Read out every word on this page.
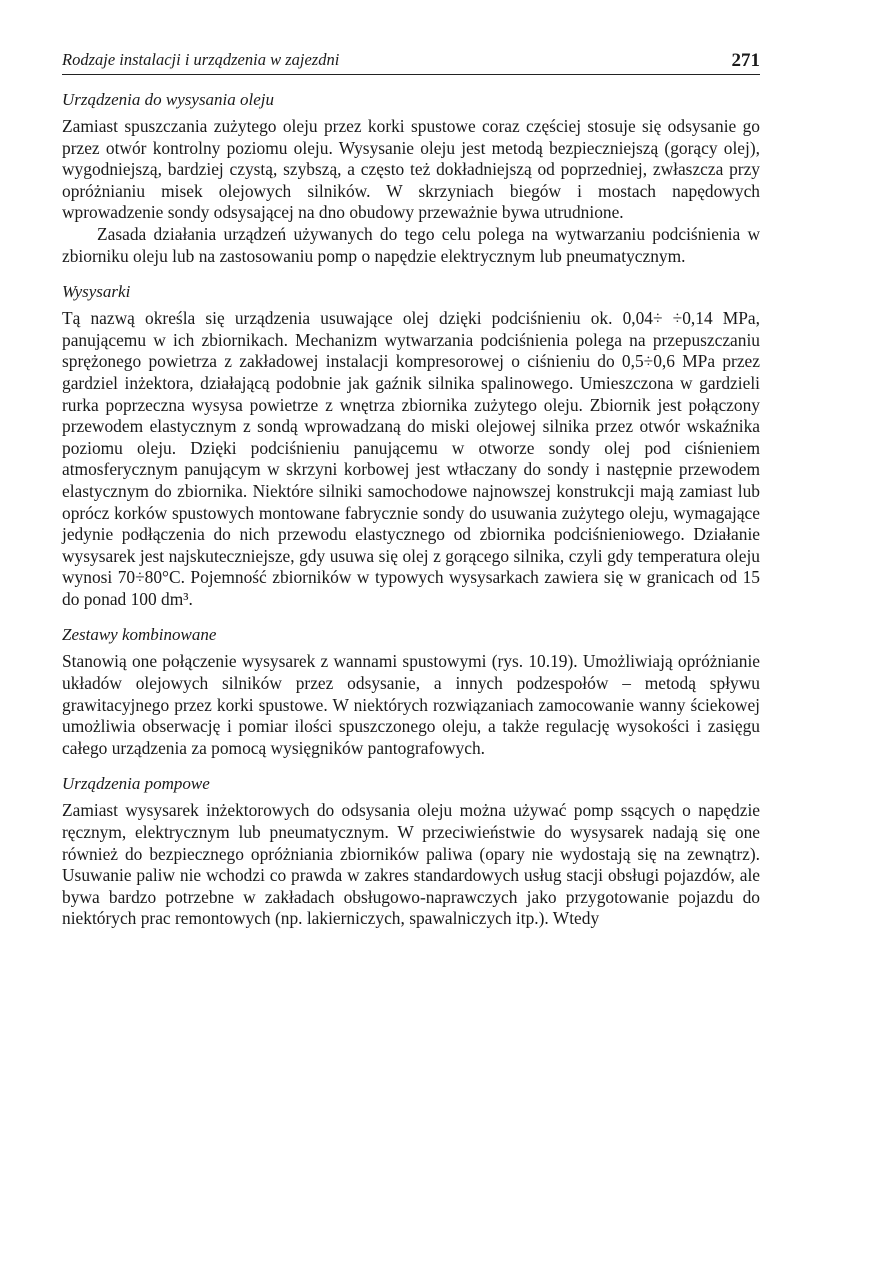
Rodzaje instalacji i urządzenia w zajezdni	271
Urządzenia do wysysania oleju

Zamiast spuszczania zużytego oleju przez korki spustowe coraz częściej stosuje się odsysanie go przez otwór kontrolny poziomu oleju. Wysysanie oleju jest metodą bezpieczniejszą (gorący olej), wygodniejszą, bardziej czystą, szybszą, a często też dokładniejszą od poprzedniej, zwłaszcza przy opróżnianiu misek olejowych silników. W skrzyniach biegów i mostach napędowych wprowadzenie sondy odsysającej na dno obudowy przeważnie bywa utrudnione.

Zasada działania urządzeń używanych do tego celu polega na wytwarzaniu podciśnienia w zbiorniku oleju lub na zastosowaniu pomp o napędzie elektrycznym lub pneumatycznym.

Wysysarki

Tą nazwą określa się urządzenia usuwające olej dzięki podciśnieniu ok. 0,04÷ ÷0,14 MPa, panującemu w ich zbiornikach. Mechanizm wytwarzania podciśnienia polega na przepuszczaniu sprężonego powietrza z zakładowej instalacji kompresorowej o ciśnieniu do 0,5÷0,6 MPa przez gardziel inżektora, działającą podobnie jak gaźnik silnika spalinowego. Umieszczona w gardzieli rurka poprzeczna wysysa powietrze z wnętrza zbiornika zużytego oleju. Zbiornik jest połączony przewodem elastycznym z sondą wprowadzaną do miski olejowej silnika przez otwór wskaźnika poziomu oleju. Dzięki podciśnieniu panującemu w otworze sondy olej pod ciśnieniem atmosferycznym panującym w skrzyni korbowej jest wtłaczany do sondy i następnie przewodem elastycznym do zbiornika. Niektóre silniki samochodowe najnowszej konstrukcji mają zamiast lub oprócz korków spustowych montowane fabrycznie sondy do usuwania zużytego oleju, wymagające jedynie podłączenia do nich przewodu elastycznego od zbiornika podciśnieniowego. Działanie wysysarek jest najskuteczniejsze, gdy usuwa się olej z gorącego silnika, czyli gdy temperatura oleju wynosi 70÷80°C. Pojemność zbiorników w typowych wysysarkach zawiera się w granicach od 15 do ponad 100 dm³.

Zestawy kombinowane

Stanowią one połączenie wysysarek z wannami spustowymi (rys. 10.19). Umożliwiają opróżnianie układów olejowych silników przez odsysanie, a innych podzespołów – metodą spływu grawitacyjnego przez korki spustowe. W niektórych rozwiązaniach zamocowanie wanny ściekowej umożliwia obserwację i pomiar ilości spuszczonego oleju, a także regulację wysokości i zasięgu całego urządzenia za pomocą wysięgników pantografowych.

Urządzenia pompowe

Zamiast wysysarek inżektorowych do odsysania oleju można używać pomp ssących o napędzie ręcznym, elektrycznym lub pneumatycznym. W przeciwieństwie do wysysarek nadają się one również do bezpiecznego opróżniania zbiorników paliwa (opary nie wydostają się na zewnątrz). Usuwanie paliw nie wchodzi co prawda w zakres standardowych usług stacji obsługi pojazdów, ale bywa bardzo potrzebne w zakładach obsługowo-naprawczych jako przygotowanie pojazdu do niektórych prac remontowych (np. lakierniczych, spawalniczych itp.). Wtedy
